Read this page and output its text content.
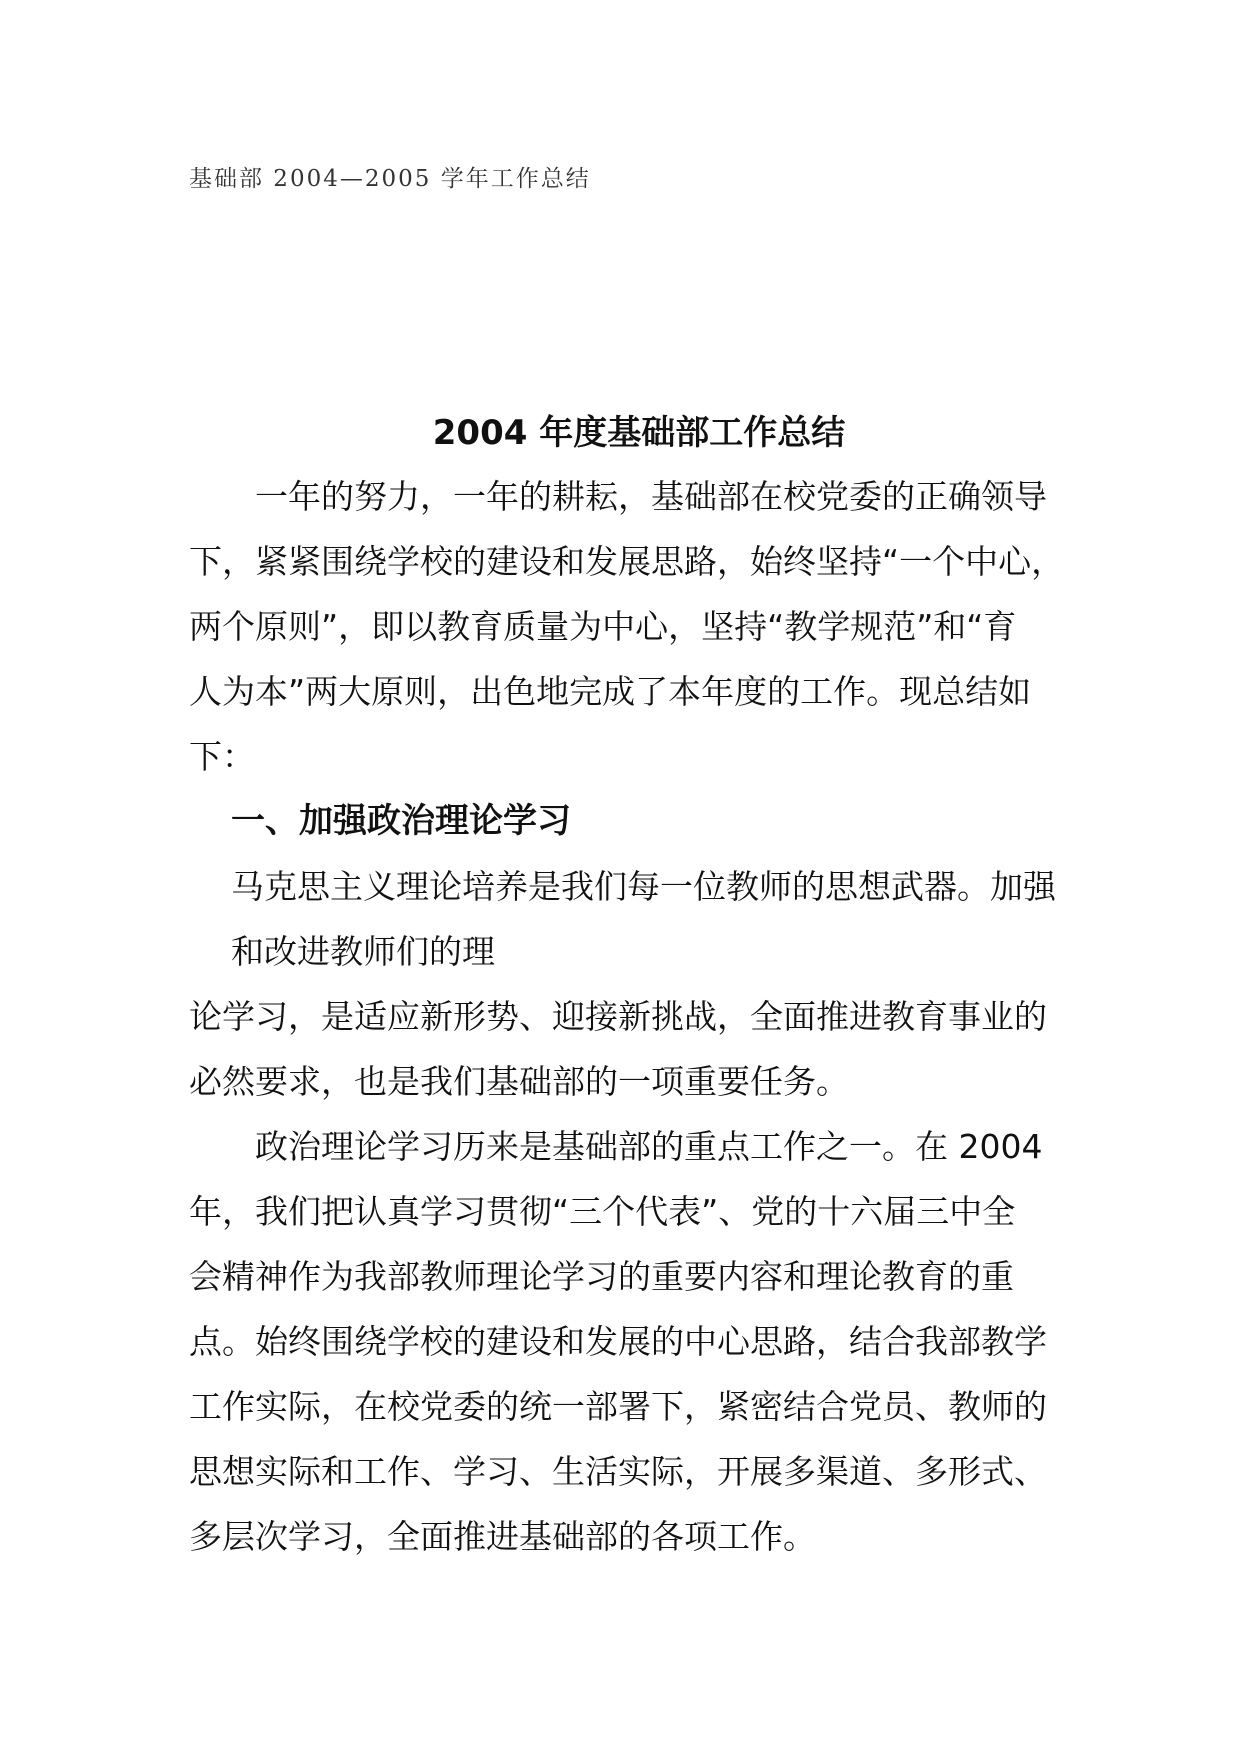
基础部 2004—2005 学年工作总结
2004 年度基础部工作总结
一年的努力，一年的耕耘，基础部在校党委的正确领导
下，紧紧围绕学校的建设和发展思路，始终坚持“一个中心，
两个原则”，即以教育质量为中心，坚持“教学规范”和“育
人为本”两大原则，出色地完成了本年度的工作。现总结如
下：
一、加强政治理论学习
马克思主义理论培养是我们每一位教师的思想武器。加强
和改进教师们的理
论学习，是适应新形势、迎接新挑战，全面推进教育事业的
必然要求，也是我们基础部的一项重要任务。
政治理论学习历来是基础部的重点工作之一。在 2004
年，我们把认真学习贯彻“三个代表”、党的十六届三中全
会精神作为我部教师理论学习的重要内容和理论教育的重
点。始终围绕学校的建设和发展的中心思路，结合我部教学
工作实际，在校党委的统一部署下，紧密结合党员、教师的
思想实际和工作、学习、生活实际，开展多渠道、多形式、
多层次学习，全面推进基础部的各项工作。
